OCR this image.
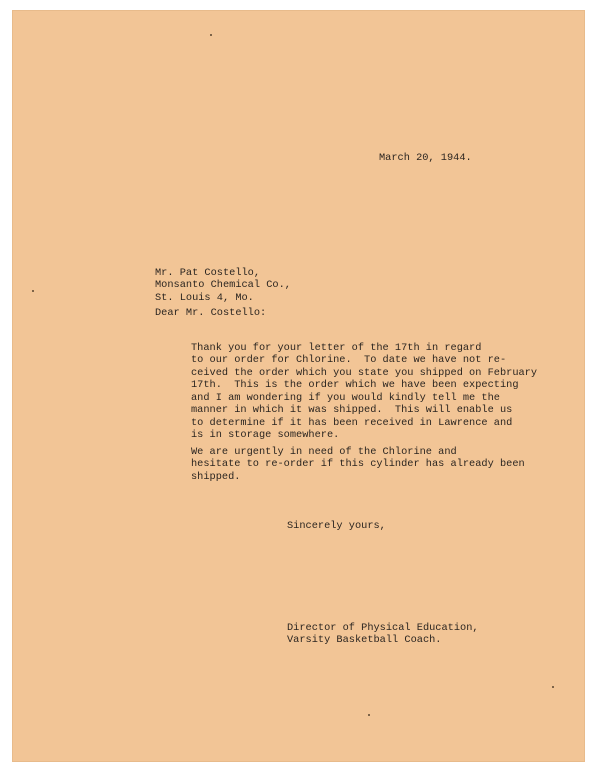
March 20, 1944.

Mr. Pat Costello,
Monsanto Chemical Co.,
St. Louis 4, Mo.

Dear Mr. Costello:

Thank you for your letter of the 17th in regard
to our order for Chlorine.  To date we have not re-
ceived the order which you state you shipped on February
17th.  This is the order which we have been expecting
and I am wondering if you would kindly tell me the
manner in which it was shipped.  This will enable us
to determine if it has been received in Lawrence and
is in storage somewhere.

We are urgently in need of the Chlorine and
hesitate to re-order if this cylinder has already been
shipped.

Sincerely yours,

Director of Physical Education,
Varsity Basketball Coach.
